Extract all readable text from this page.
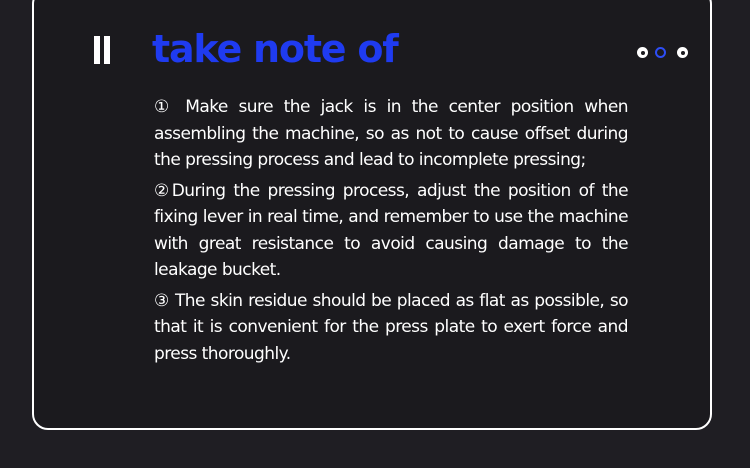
take note of

① Make sure the jack is in the center position when assembling the machine, so as not to cause offset during the pressing process and lead to incomplete pressing;

②During the pressing process, adjust the position of the fixing lever in real time, and remember to use the machine with great resistance to avoid causing damage to the leakage bucket.

③ The skin residue should be placed as flat as possible, so that it is convenient for the press plate to exert force and press thoroughly.
